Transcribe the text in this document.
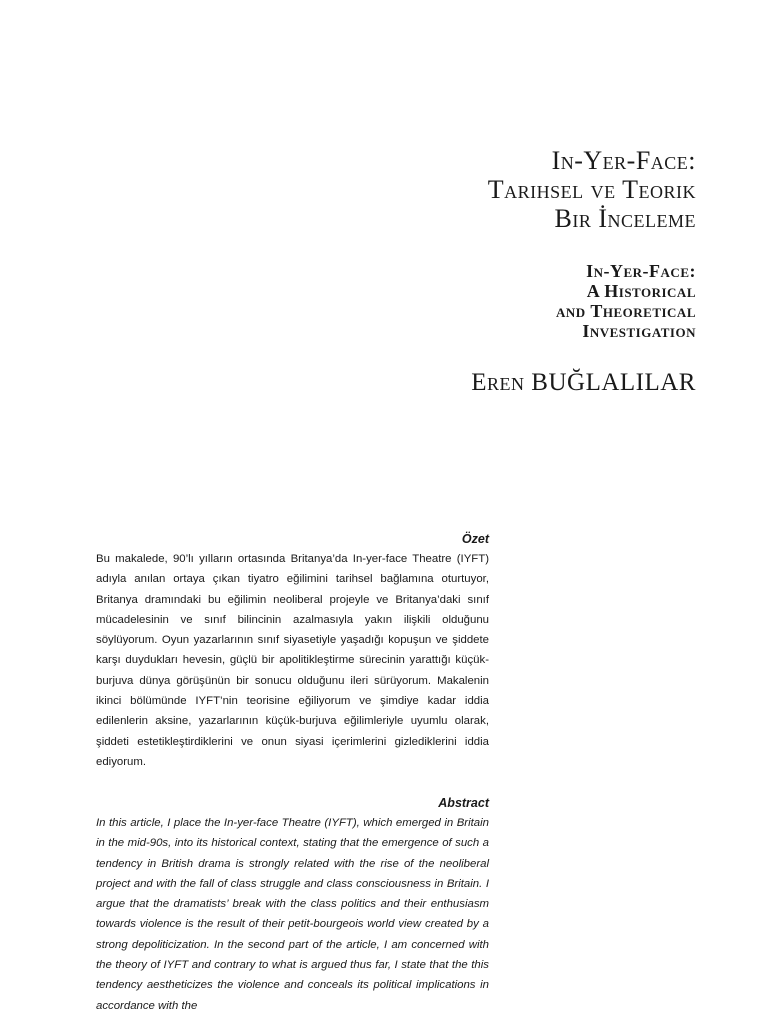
In-Yer-Face:
Tarihsel ve Teorik
Bir İnceleme
In-Yer-Face:
A Historical
and Theoretical
Investigation
Eren BUĞLALILAR
Özet

Bu makalede, 90’lı yılların ortasında Britanya’da In-yer-face Theatre (IYFT) adıyla anılan ortaya çıkan tiyatro eğilimini tarihsel bağlamına oturtuyor, Britanya dramındaki bu eğilimin neoliberal projeyle ve Britanya’daki sınıf mücadelesinin ve sınıf bilincinin azalmasıyla yakın ilişkili olduğunu söylüyorum. Oyun yazarlarının sınıf siyasetiyle yaşadığı kopuşun ve şiddete karşı duydukları hevesin, güçlü bir apolitikleştirme sürecinin yarattığı küçük-burjuva dünya görüşünün bir sonucu olduğunu ileri sürüyorum. Makalenin ikinci bölümünde IYFT’nin teorisine eğiliyorum ve şimdiye kadar iddia edilenlerin aksine, yazarlarının küçük-burjuva eğilimleriyle uyumlu olarak, şiddeti estetikleştirdiklerini ve onun siyasi içerimlerini gizlediklerini iddia ediyorum.

Abstract

In this article, I place the In-yer-face Theatre (IYFT), which emerged in Britain in the mid-90s, into its historical context, stating that the emergence of such a tendency in British drama is strongly related with the rise of the neoliberal project and with the fall of class struggle and class consciousness in Britain. I argue that the dramatists’ break with the class politics and their enthusiasm towards violence is the result of their petit-bourgeois world view created by a strong depoliticization. In the second part of the article, I am concerned with the theory of IYFT and contrary to what is argued thus far, I state that the this tendency aestheticizes the violence and conceals its political implications in accordance with the
